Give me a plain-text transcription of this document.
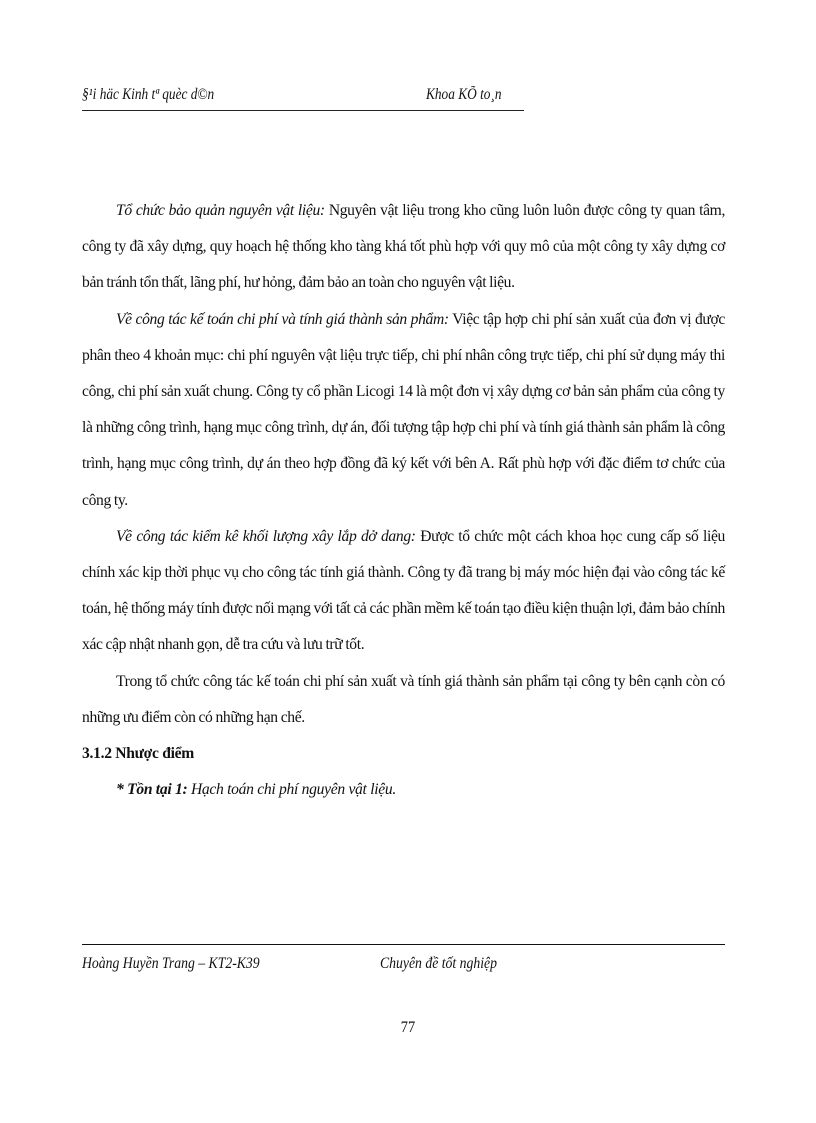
§¹i häc Kinh tª quèc d©n	Khoa KÕ to¸n

Tổ chức bảo quản nguyên vật liệu: Nguyên vật liệu trong kho cũng luôn luôn được công ty quan tâm, công ty đã xây dựng, quy hoạch hệ thống kho tàng khá tốt phù hợp với quy mô của một công ty xây dựng cơ bản tránh tổn thất, lãng phí, hư hỏng, đảm bảo an toàn cho nguyên vật liệu.

Về công tác kế toán chi phí và tính giá thành sản phẩm: Việc tập hợp chi phí sản xuất của đơn vị được phân theo 4 khoản mục: chi phí nguyên vật liệu trực tiếp, chi phí nhân công trực tiếp, chi phí sử dụng máy thi công, chi phí sản xuất chung. Công ty cổ phần Licogi 14 là một đơn vị xây dựng cơ bản sản phẩm của công ty là những công trình, hạng mục công trình, dự án, đối tượng tập hợp chi phí và tính giá thành sản phẩm là công trình, hạng mục công trình, dự án theo hợp đồng đã ký kết với bên A. Rất phù hợp với đặc điểm tơ chức của công ty.

Về công tác kiểm kê khối lượng xây lắp dở dang: Được tổ chức một cách khoa học cung cấp số liệu chính xác kịp thời phục vụ cho công tác tính giá thành. Công ty đã trang bị máy móc hiện đại vào công tác kế toán, hệ thống máy tính được nối mạng với tất cả các phần mềm kế toán tạo điều kiện thuận lợi, đảm bảo chính xác cập nhật nhanh gọn, dễ tra cứu và lưu trữ tốt.

Trong tổ chức công tác kế toán chi phí sản xuất và tính giá thành sản phẩm tại công ty bên cạnh còn có những ưu điểm còn có những hạn chế.

3.1.2 Nhược điểm

* Tồn tại 1: Hạch toán chi phí nguyên vật liệu.

Hoàng Huyền Trang – KT2-K39	Chuyên đề tốt nghiệp
77
